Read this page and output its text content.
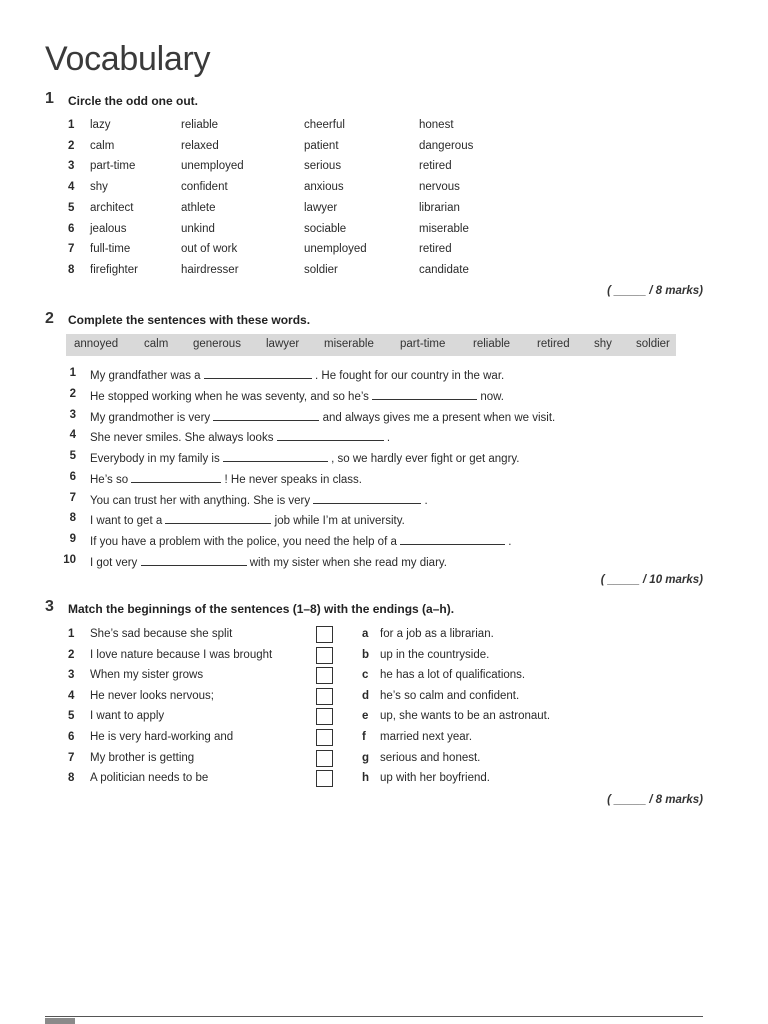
Vocabulary
1 Circle the odd one out.
1 lazy	reliable	cheerful	honest
2 calm	relaxed	patient	dangerous
3 part-time	unemployed	serious	retired
4 shy	confident	anxious	nervous
5 architect	athlete	lawyer	librarian
6 jealous	unkind	sociable	miserable
7 full-time	out of work	unemployed	retired
8 firefighter	hairdresser	soldier	candidate
( _____ / 8 marks)
2 Complete the sentences with these words.
annoyed calm generous lawyer miserable part-time reliable retired shy soldier
1 My grandfather was a	. He fought for our country in the war.
2 He stopped working when he was seventy, and so he’s	now.
3 My grandmother is very	and always gives me a present when we visit.
4 She never smiles. She always looks	.
5 Everybody in my family is	, so we hardly ever fight or get angry.
6 He’s so	! He never speaks in class.
7 You can trust her with anything. She is very	.
8 I want to get a	job while I’m at university.
9 If you have a problem with the police, you need the help of a	.
10 I got very	with my sister when she read my diary.
( _____ / 10 marks)
3 Match the beginnings of the sentences (1–8) with the endings (a–h).
1 She’s sad because she split	a for a job as a librarian.
2 I love nature because I was brought	b up in the countryside.
3 When my sister grows	c he has a lot of qualifications.
4 He never looks nervous;	d he’s so calm and confident.
5 I want to apply	e up, she wants to be an astronaut.
6 He is very hard-working and	f married next year.
7 My brother is getting	g serious and honest.
8 A politician needs to be	h up with her boyfriend.
( _____ / 8 marks)
